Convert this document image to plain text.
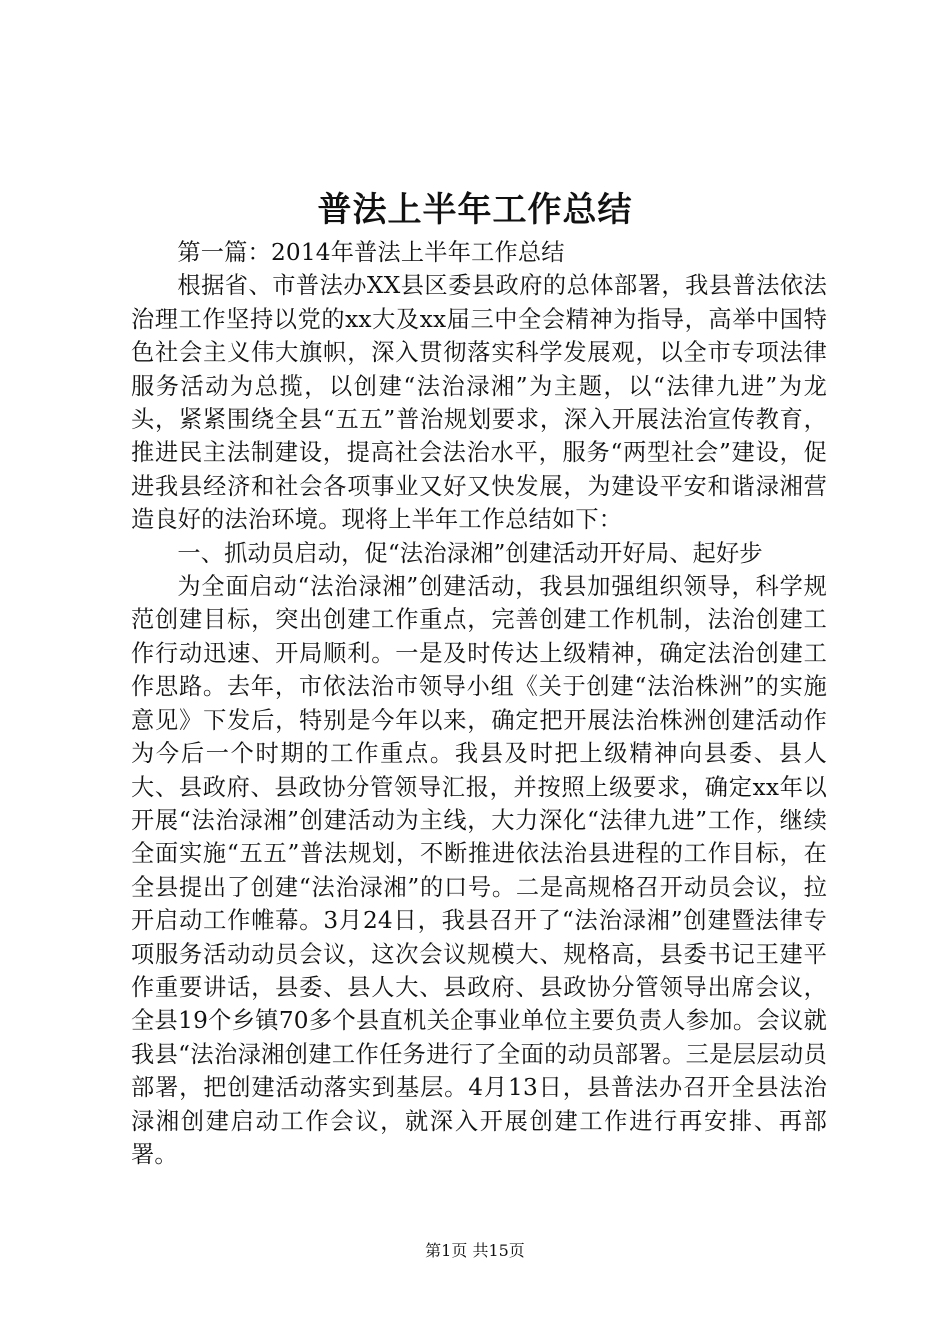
普法上半年工作总结

第一篇：2014年普法上半年工作总结

根据省、市普法办XX县区委县政府的总体部署，我县普法依法治理工作坚持以党的xx大及xx届三中全会精神为指导，高举中国特色社会主义伟大旗帜，深入贯彻落实科学发展观，以全市专项法律服务活动为总揽，以创建“法治渌湘”为主题，以“法律九进”为龙头，紧紧围绕全县“五五”普治规划要求，深入开展法治宣传教育，推进民主法制建设，提高社会法治水平，服务“两型社会”建设，促进我县经济和社会各项事业又好又快发展，为建设平安和谐渌湘营造良好的法治环境。现将上半年工作总结如下：

一、抓动员启动，促“法治渌湘”创建活动开好局、起好步

为全面启动“法治渌湘”创建活动，我县加强组织领导，科学规范创建目标，突出创建工作重点，完善创建工作机制，法治创建工作行动迅速、开局顺利。一是及时传达上级精神，确定法治创建工作思路。去年，市依法治市领导小组《关于创建“法治株洲”的实施意见》下发后，特别是今年以来，确定把开展法治株洲创建活动作为今后一个时期的工作重点。我县及时把上级精神向县委、县人大、县政府、县政协分管领导汇报，并按照上级要求，确定xx年以开展“法治渌湘”创建活动为主线，大力深化“法律九进”工作，继续全面实施“五五”普法规划，不断推进依法治县进程的工作目标，在全县提出了创建“法治渌湘”的口号。二是高规格召开动员会议，拉开启动工作帷幕。3月24日，我县召开了“法治渌湘”创建暨法律专项服务活动动员会议，这次会议规模大、规格高，县委书记王建平作重要讲话，县委、县人大、县政府、县政协分管领导出席会议，全县19个乡镇70多个县直机关企事业单位主要负责人参加。会议就我县“法治渌湘创建工作任务进行了全面的动员部署。三是层层动员部署，把创建活动落实到基层。4月13日，县普法办召开全县法治渌湘创建启动工作会议，就深入开展创建工作进行再安排、再部署。

第1页 共15页
